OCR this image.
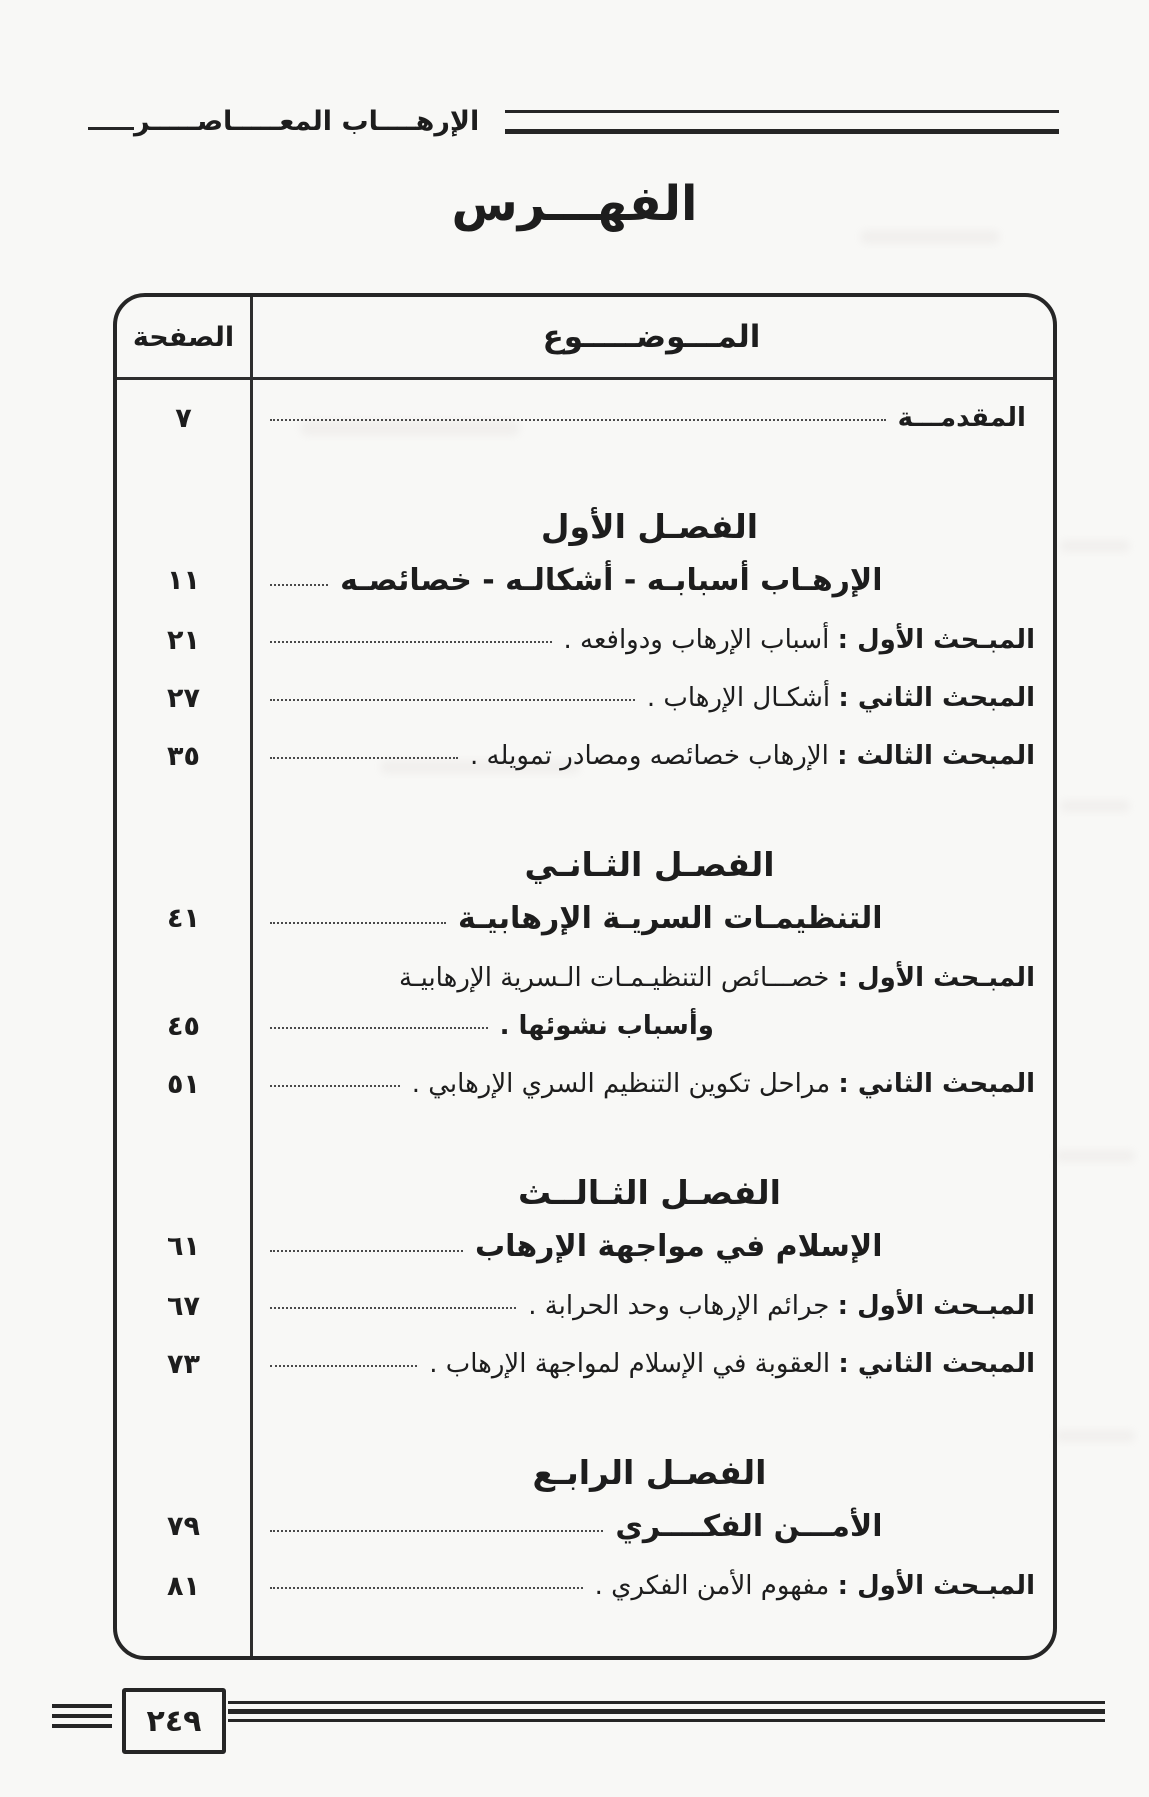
الإرهــــاب المعـــــاصـــــر
الفهـــرس
الصفحة	المـــوضـــــوع
٧	المقدمـــة
الفصـل الأول
١١	الإرهـاب أسبابـه - أشكالـه - خصائصـه
٢١	المبـحث الأول :
أسباب الإرهاب ودوافعه .
٢٧	المبحث الثاني :
أشكـال الإرهاب .
٣٥	المبحث الثالث :
الإرهاب خصائصه ومصادر تمويله .
الفصـل الثـانـي
٤١	التنظيمـات السريـة الإرهابيـة
المبـحث الأول :
خصـــائص التنظيـمـات الـسرية الإرهابيـة
٤٥	وأسباب نشوئها .
٥١	المبحث الثاني :
مراحل تكوين التنظيم السري الإرهابي .
الفصـل الثـالــث
٦١	الإسلام في مواجهة الإرهاب
٦٧	المبـحث الأول :
جرائم الإرهاب وحد الحرابة .
٧٣	المبحث الثاني :
العقوبة في الإسلام لمواجهة الإرهاب .
الفصـل الرابـع
٧٩	الأمـــن الفكــــري
٨١	المبـحث الأول :
مفهوم الأمن الفكري .
٢٤٩
